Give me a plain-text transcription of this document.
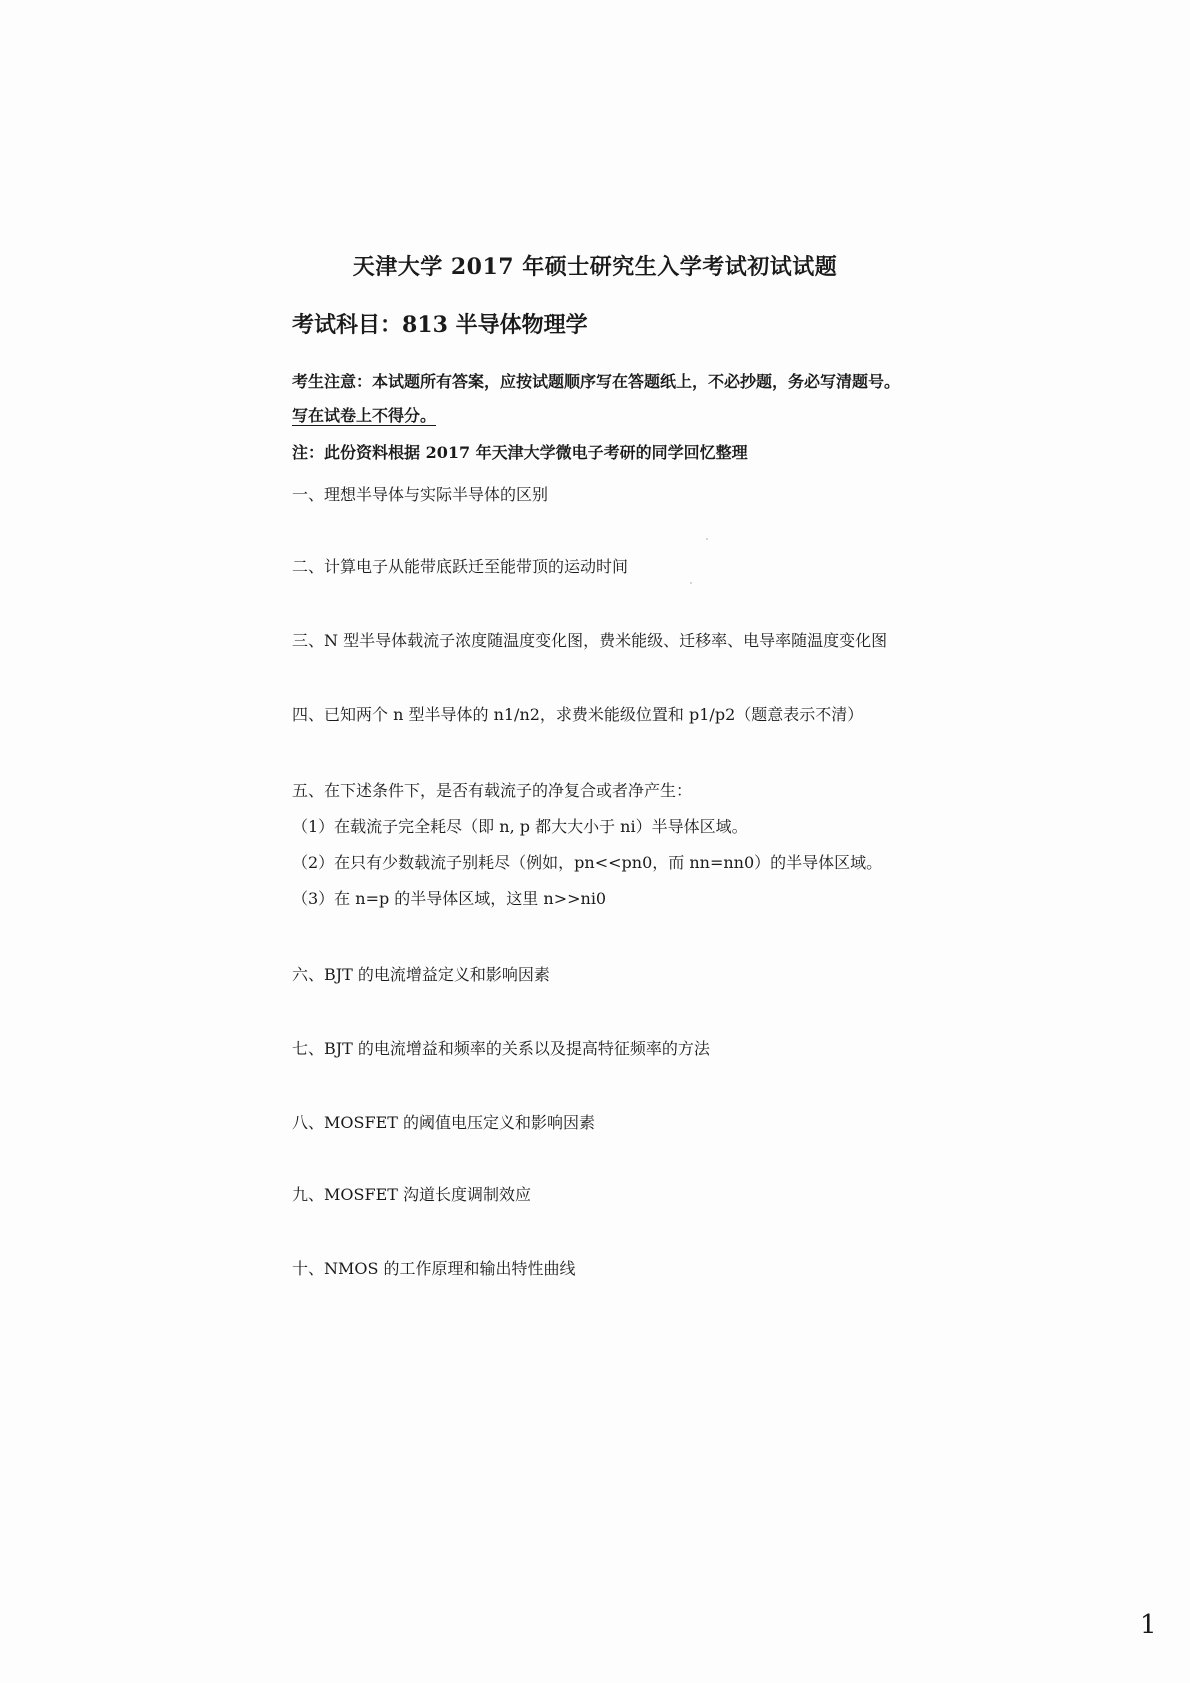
天津大学 2017 年硕士研究生入学考试初试试题
考试科目：813 半导体物理学
考生注意：本试题所有答案，应按试题顺序写在答题纸上，不必抄题，务必写清题号。
写在试卷上不得分。
注：此份资料根据 2017 年天津大学微电子考研的同学回忆整理
一、理想半导体与实际半导体的区别
二、计算电子从能带底跃迁至能带顶的运动时间
三、N 型半导体载流子浓度随温度变化图，费米能级、迁移率、电导率随温度变化图
四、已知两个 n 型半导体的 n1/n2，求费米能级位置和 p1/p2（题意表示不清）
五、在下述条件下，是否有载流子的净复合或者净产生：
（1）在载流子完全耗尽（即 n, p 都大大小于 ni）半导体区域。
（2）在只有少数载流子别耗尽（例如，pn<<pn0，而 nn=nn0）的半导体区域。
（3）在 n=p 的半导体区域，这里 n>>ni0
六、BJT 的电流增益定义和影响因素
七、BJT 的电流增益和频率的关系以及提高特征频率的方法
八、MOSFET 的阈值电压定义和影响因素
九、MOSFET 沟道长度调制效应
十、NMOS 的工作原理和输出特性曲线
1
